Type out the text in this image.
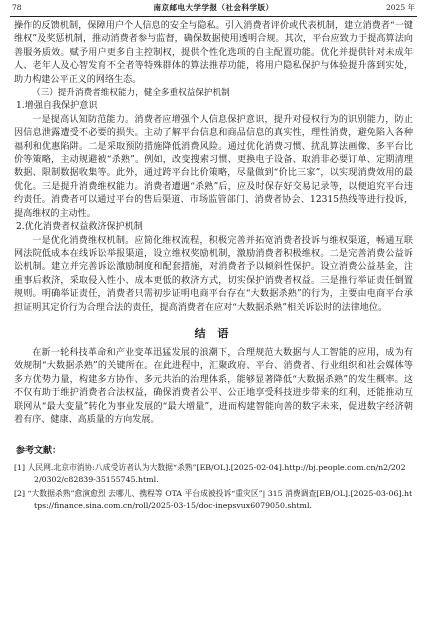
78	南京邮电大学学报（社会科学版）	2025 年

操作的反馈机制，保障用户个人信息的安全与隐私。引入消费者评价或代表机制，建立消费者“一键维权”及奖惩机制，推动消费者参与监督，确保数据使用透明合规。其次，平台应致力于提高算法向善服务质效。赋予用户更多自主控制权，提供个性化选项的自主配置功能。优化并提供针对未成年人、老年人及心智发育不全者等特殊群体的算法推荐功能，将用户隐私保护与体验提升落到实处，助力构建公平正义的网络生态。

（三）提升消费者维权能力，健全多重权益保护机制

1.增强自我保护意识

一是提高认知防范能力。消费者应增强个人信息保护意识，提升对侵权行为的识别能力，防止因信息泄露遭受不必要的损失。主动了解平台信息和商品信息的真实性，理性消费，避免陷入各种福利和优惠陷阱。二是采取预防措施降低消费风险。通过优化消费习惯、扰乱算法画像、多平台比价等策略，主动规避被“杀熟”。例如，改变搜索习惯、更换电子设备、取消非必要订单、定期清理数据、限制数据收集等。此外，通过跨平台比价策略，尽量做到“价比三家”，以实现消费效用的最优化。三是提升消费维权能力。消费者遭遇“杀熟”后，应及时保存好交易记录等，以便追究平台违约责任。消费者可以通过平台的售后渠道、市场监管部门、消费者协会、12315热线等进行投诉，提高维权的主动性。

2.优化消费者权益救济保护机制

一是优化消费维权机制。应简化维权流程，积极完善并拓宽消费者投诉与维权渠道，畅通互联网法院低成本在线诉讼举报渠道，设立维权奖励机制，激励消费者积极维权。二是完善消费公益诉讼机制。建立并完善诉讼激励制度和配套措施，对消费者予以倾斜性保护。设立消费公益基金，注重事后救济，采取侵入性小、成本更低的救济方式，切实保护消费者权益。三是推行举证责任倒置规则。明确举证责任，消费者只需初步证明电商平台存在“大数据杀熟”的行为，主要由电商平台承担证明其定价行为合理合法的责任，提高消费者在应对“大数据杀熟”相关诉讼时的法律地位。

结 语

在新一轮科技革命和产业变革迅猛发展的浪潮下，合理规范大数据与人工智能的应用，成为有效规制“大数据杀熟”的关键所在。在此进程中，汇聚政府、平台、消费者、行业组织和社会媒体等多方优势力量，构建多方协作、多元共治的治理体系，能够显著降低“大数据杀熟”的发生概率。这不仅有助于维护消费者合法权益，确保消费者公平、公正地享受科技进步带来的红利，还能推动互联网从“最大变量”转化为事业发展的“最大增量”，进而构建智能向善的数字未来，促进数字经济朝着有序、健康、高质量的方向发展。

参考文献：

[1] 人民网.北京市消协:八成受访者认为大数据“杀熟”[EB/OL].[2025-02-04].http://bj.people.com.cn/n2/2022/0302/c82839-35155745.html.

[2] “大数据杀熟”愈演愈烈 去哪儿、携程等 OTA 平台成被投诉“重灾区”| 315 消费调查[EB/OL].[2025-03-06].https://finance.sina.com.cn/roll/2025-03-15/doc-inepsvux6079050.shtml.
